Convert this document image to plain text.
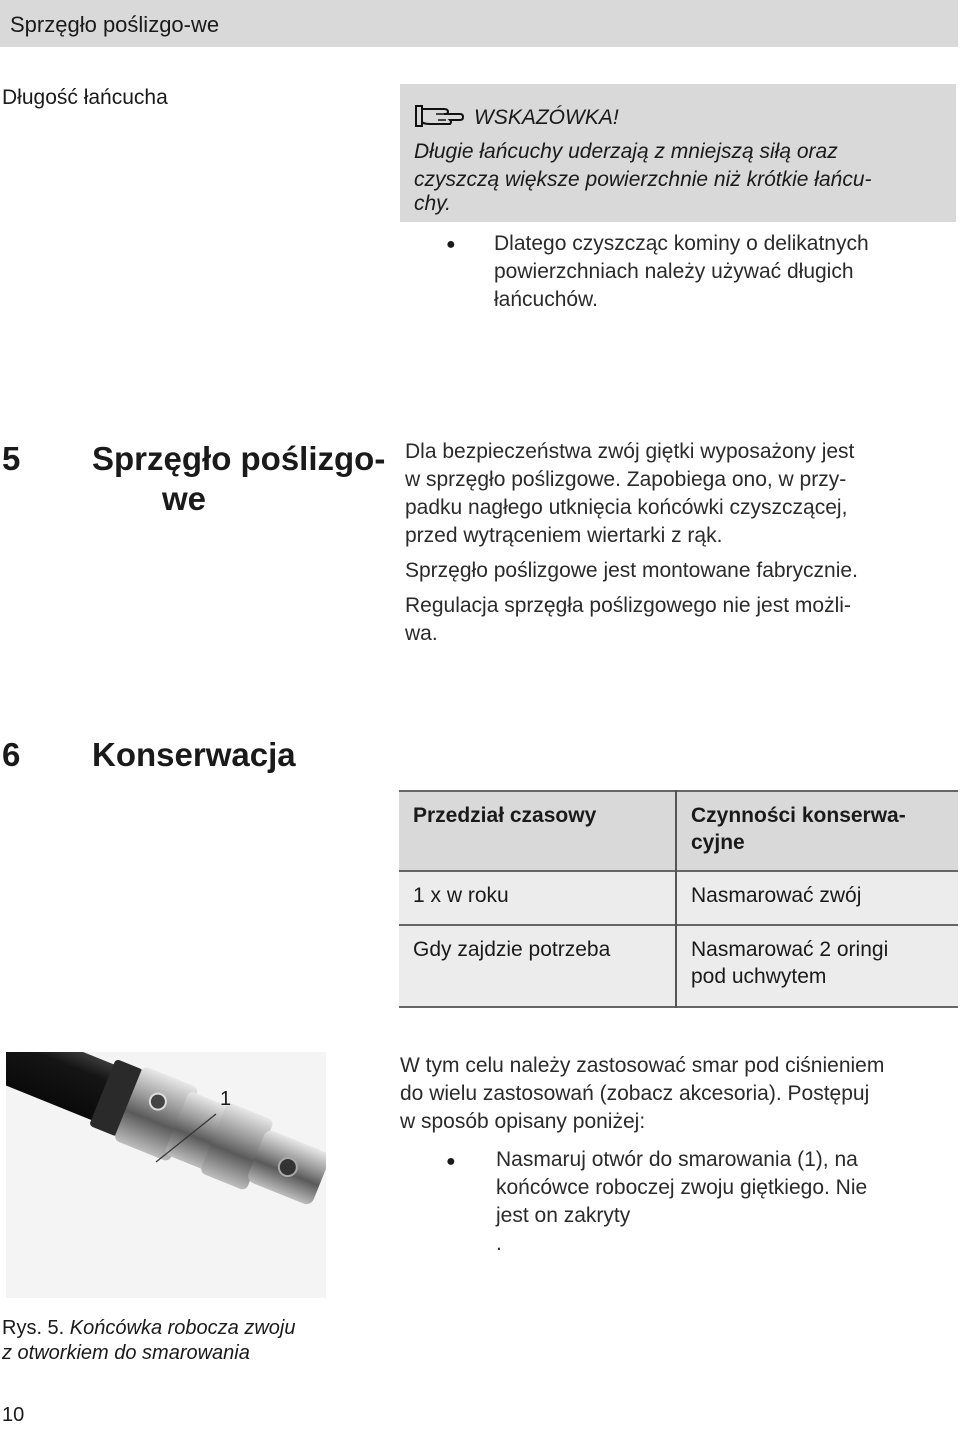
Sprzęgło poślizgo-we
Długość łańcucha
WSKAZÓWKA!
Długie łańcuchy uderzają z mniejszą siłą oraz
czyszczą większe powierzchnie niż krótkie łańcu-
chy.
● Dlatego czyszcząc kominy o delikatnych
powierzchniach należy używać długich
łańcuchów.
5 Sprzęgło poślizgo-
we
Dla bezpieczeństwa zwój giętki wyposażony jest
w sprzęgło poślizgowe. Zapobiega ono, w przy-
padku nagłego utknięcia końcówki czyszczącej,
przed wytrąceniem wiertarki z rąk.
Sprzęgło poślizgowe jest montowane fabrycznie.
Regulacja sprzęgła poślizgowego nie jest możli-
wa.
6 Konserwacja
Przedział czasowy	Czynności konserwa-
cyjne
1 x w roku	Nasmarować zwój
Gdy zajdzie potrzeba	Nasmarować 2 oringi
pod uchwytem
1
W tym celu należy zastosować smar pod ciśnieniem
do wielu zastosowań (zobacz akcesoria). Postępuj
w sposób opisany poniżej:
● Nasmaruj otwór do smarowania (1), na
końcówce roboczej zwoju giętkiego. Nie
jest on zakryty
.
Rys. 5. Końcówka robocza zwoju
z otworkiem do smarowania
10
